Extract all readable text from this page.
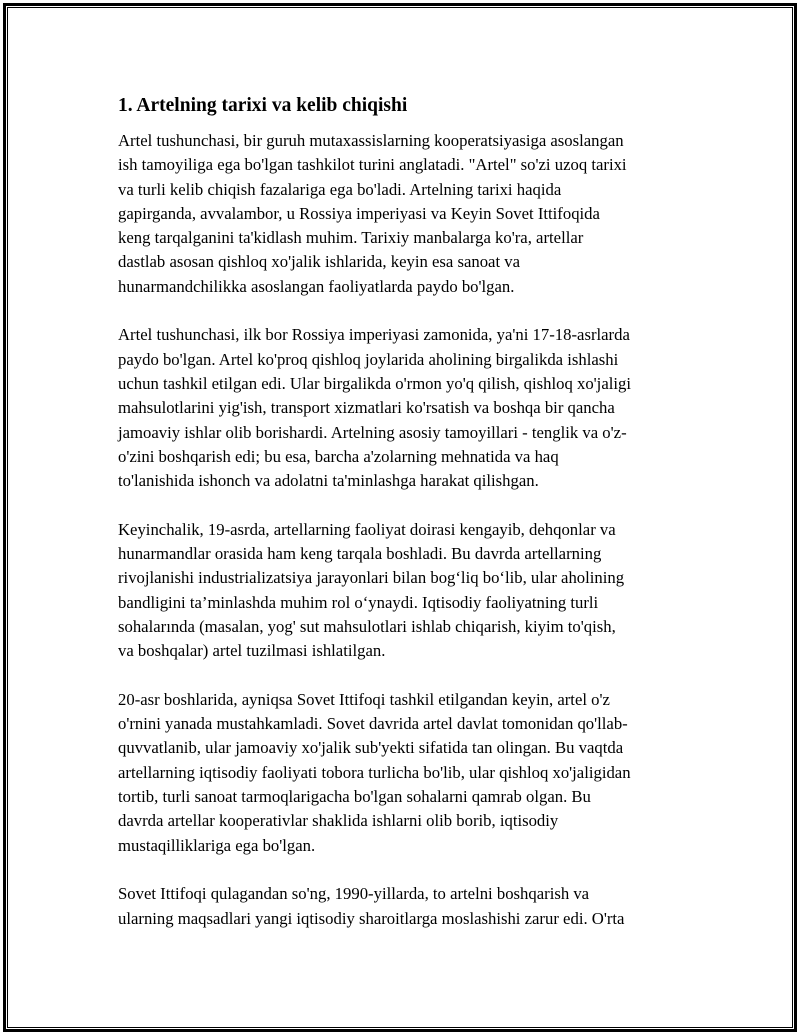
1. Artelning tarixi va kelib chiqishi
Artel tushunchasi, bir guruh mutaxassislarning kooperatsiyasiga asoslangan
ish tamoyiliga ega bo'lgan tashkilot turini anglatadi. "Artel" so'zi uzoq tarixi
va turli kelib chiqish fazalariga ega bo'ladi. Artelning tarixi haqida
gapirganda, avvalambor, u Rossiya imperiyasi va Keyin Sovet Ittifoqida
keng tarqalganini ta'kidlash muhim. Tarixiy manbalarga ko'ra, artellar
dastlab asosan qishloq xo'jalik ishlarida, keyin esa sanoat va
hunarmandchilikka asoslangan faoliyatlarda paydo bo'lgan.
Artel tushunchasi, ilk bor Rossiya imperiyasi zamonida, ya'ni 17-18-asrlarda
paydo bo'lgan. Artel ko'proq qishloq joylarida aholining birgalikda ishlashi
uchun tashkil etilgan edi. Ular birgalikda o'rmon yo'q qilish, qishloq xo'jaligi
mahsulotlarini yig'ish, transport xizmatlari ko'rsatish va boshqa bir qancha
jamoaviy ishlar olib borishardi. Artelning asosiy tamoyillari - tenglik va o'z-
o'zini boshqarish edi; bu esa, barcha a'zolarning mehnatida va haq
to'lanishida ishonch va adolatni ta'minlashga harakat qilishgan.
Keyinchalik, 19-asrda, artellarning faoliyat doirasi kengayib, dehqonlar va
hunarmandlar orasida ham keng tarqala boshladi. Bu davrda artellarning
rivojlanishi industrializatsiya jarayonlari bilan bog‘liq bo‘lib, ular aholining
bandligini ta’minlashda muhim rol o‘ynaydi. Iqtisodiy faoliyatning turli
sohalarında (masalan, yog' sut mahsulotlari ishlab chiqarish, kiyim to'qish,
va boshqalar) artel tuzilmasi ishlatilgan.
20-asr boshlarida, ayniqsa Sovet Ittifoqi tashkil etilgandan keyin, artel o'z
o'rnini yanada mustahkamladi. Sovet davrida artel davlat tomonidan qo'llab-
quvvatlanib, ular jamoaviy xo'jalik sub'yekti sifatida tan olingan. Bu vaqtda
artellarning iqtisodiy faoliyati tobora turlicha bo'lib, ular qishloq xo'jaligidan
tortib, turli sanoat tarmoqlarigacha bo'lgan sohalarni qamrab olgan. Bu
davrda artellar kooperativlar shaklida ishlarni olib borib, iqtisodiy
mustaqilliklariga ega bo'lgan.
Sovet Ittifoqi qulagandan so'ng, 1990-yillarda, to artelni boshqarish va
ularning maqsadlari yangi iqtisodiy sharoitlarga moslashishi zarur edi. O'rta
